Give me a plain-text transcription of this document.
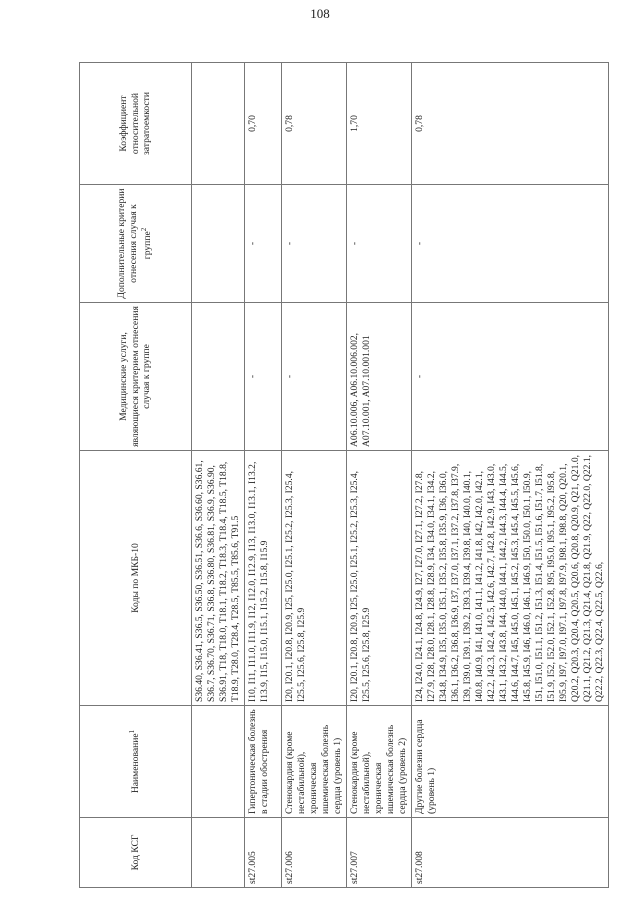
108
Код КСГ	Наименование$^1$	Коды по МКБ-10	Медицинские услуги, являющиеся критерием отнесения случая к группе	Дополнительные критерии отнесения случая к группе$^2$	Коэффициент относительной затратоемкости
		S36.40, S36.41, S36.5, S36.50, S36.51, S36.6, S36.60, S36.61, S36.7, S36.70, S36.71, S36.8, S36.80, S36.81, S36.9, S36.90, S36.91, T18, T18.0, T18.1, T18.2, T18.3, T18.4, T18.5, T18.8, T18.9, T28.0, T28.4, T28.5, T85.5, T85.6, T91.5			
st27.005	Гипертоническая болезнь в стадии обострения	I10, I11, I11.0, I11.9, I12, I12.0, I12.9, I13, I13.0, I13.1, I13.2, I13.9, I15, I15.0, I15.1, I15.2, I15.8, I15.9	-	-	0,70
st27.006	Стенокардия (кроме нестабильной), хроническая ишемическая болезнь сердца (уровень 1)	I20, I20.1, I20.8, I20.9, I25, I25.0, I25.1, I25.2, I25.3, I25.4, I25.5, I25.6, I25.8, I25.9	-	-	0,78
st27.007	Стенокардия (кроме нестабильной), хроническая ишемическая болезнь сердца (уровень 2)	I20, I20.1, I20.8, I20.9, I25, I25.0, I25.1, I25.2, I25.3, I25.4, I25.5, I25.6, I25.8, I25.9	A06.10.006, A06.10.006.002, A07.10.001, A07.10.001.001	-	1,70
st27.008	Другие болезни сердца (уровень 1)	I24, I24.0, I24.1, I24.8, I24.9, I27, I27.0, I27.1, I27.2, I27.8, I27.9, I28, I28.0, I28.1, I28.8, I28.9, I34, I34.0, I34.1, I34.2, I34.8, I34.9, I35, I35.0, I35.1, I35.2, I35.8, I35.9, I36, I36.0, I36.1, I36.2, I36.8, I36.9, I37, I37.0, I37.1, I37.2, I37.8, I37.9, I39, I39.0, I39.1, I39.2, I39.3, I39.4, I39.8, I40, I40.0, I40.1, I40.8, I40.9, I41, I41.0, I41.1, I41.2, I41.8, I42, I42.0, I42.1, I42.2, I42.3, I42.4, I42.5, I42.6, I42.7, I42.8, I42.9, I43, I43.0, I43.1, I43.2, I43.8, I44, I44.0, I44.1, I44.2, I44.3, I44.4, I44.5, I44.6, I44.7, I45, I45.0, I45.1, I45.2, I45.3, I45.4, I45.5, I45.6, I45.8, I45.9, I46, I46.0, I46.1, I46.9, I50, I50.0, I50.1, I50.9, I51, I51.0, I51.1, I51.2, I51.3, I51.4, I51.5, I51.6, I51.7, I51.8, I51.9, I52, I52.0, I52.1, I52.8, I95, I95.0, I95.1, I95.2, I95.8, I95.9, I97, I97.0, I97.1, I97.8, I97.9, I98.1, I98.8, Q20, Q20.1, Q20.2, Q20.3, Q20.4, Q20.5, Q20.6, Q20.8, Q20.9, Q21, Q21.0, Q21.1, Q21.2, Q21.3, Q21.4, Q21.8, Q21.9, Q22, Q22.0, Q22.1, Q22.2, Q22.3, Q22.4, Q22.5, Q22.6,	-	-	0,78
